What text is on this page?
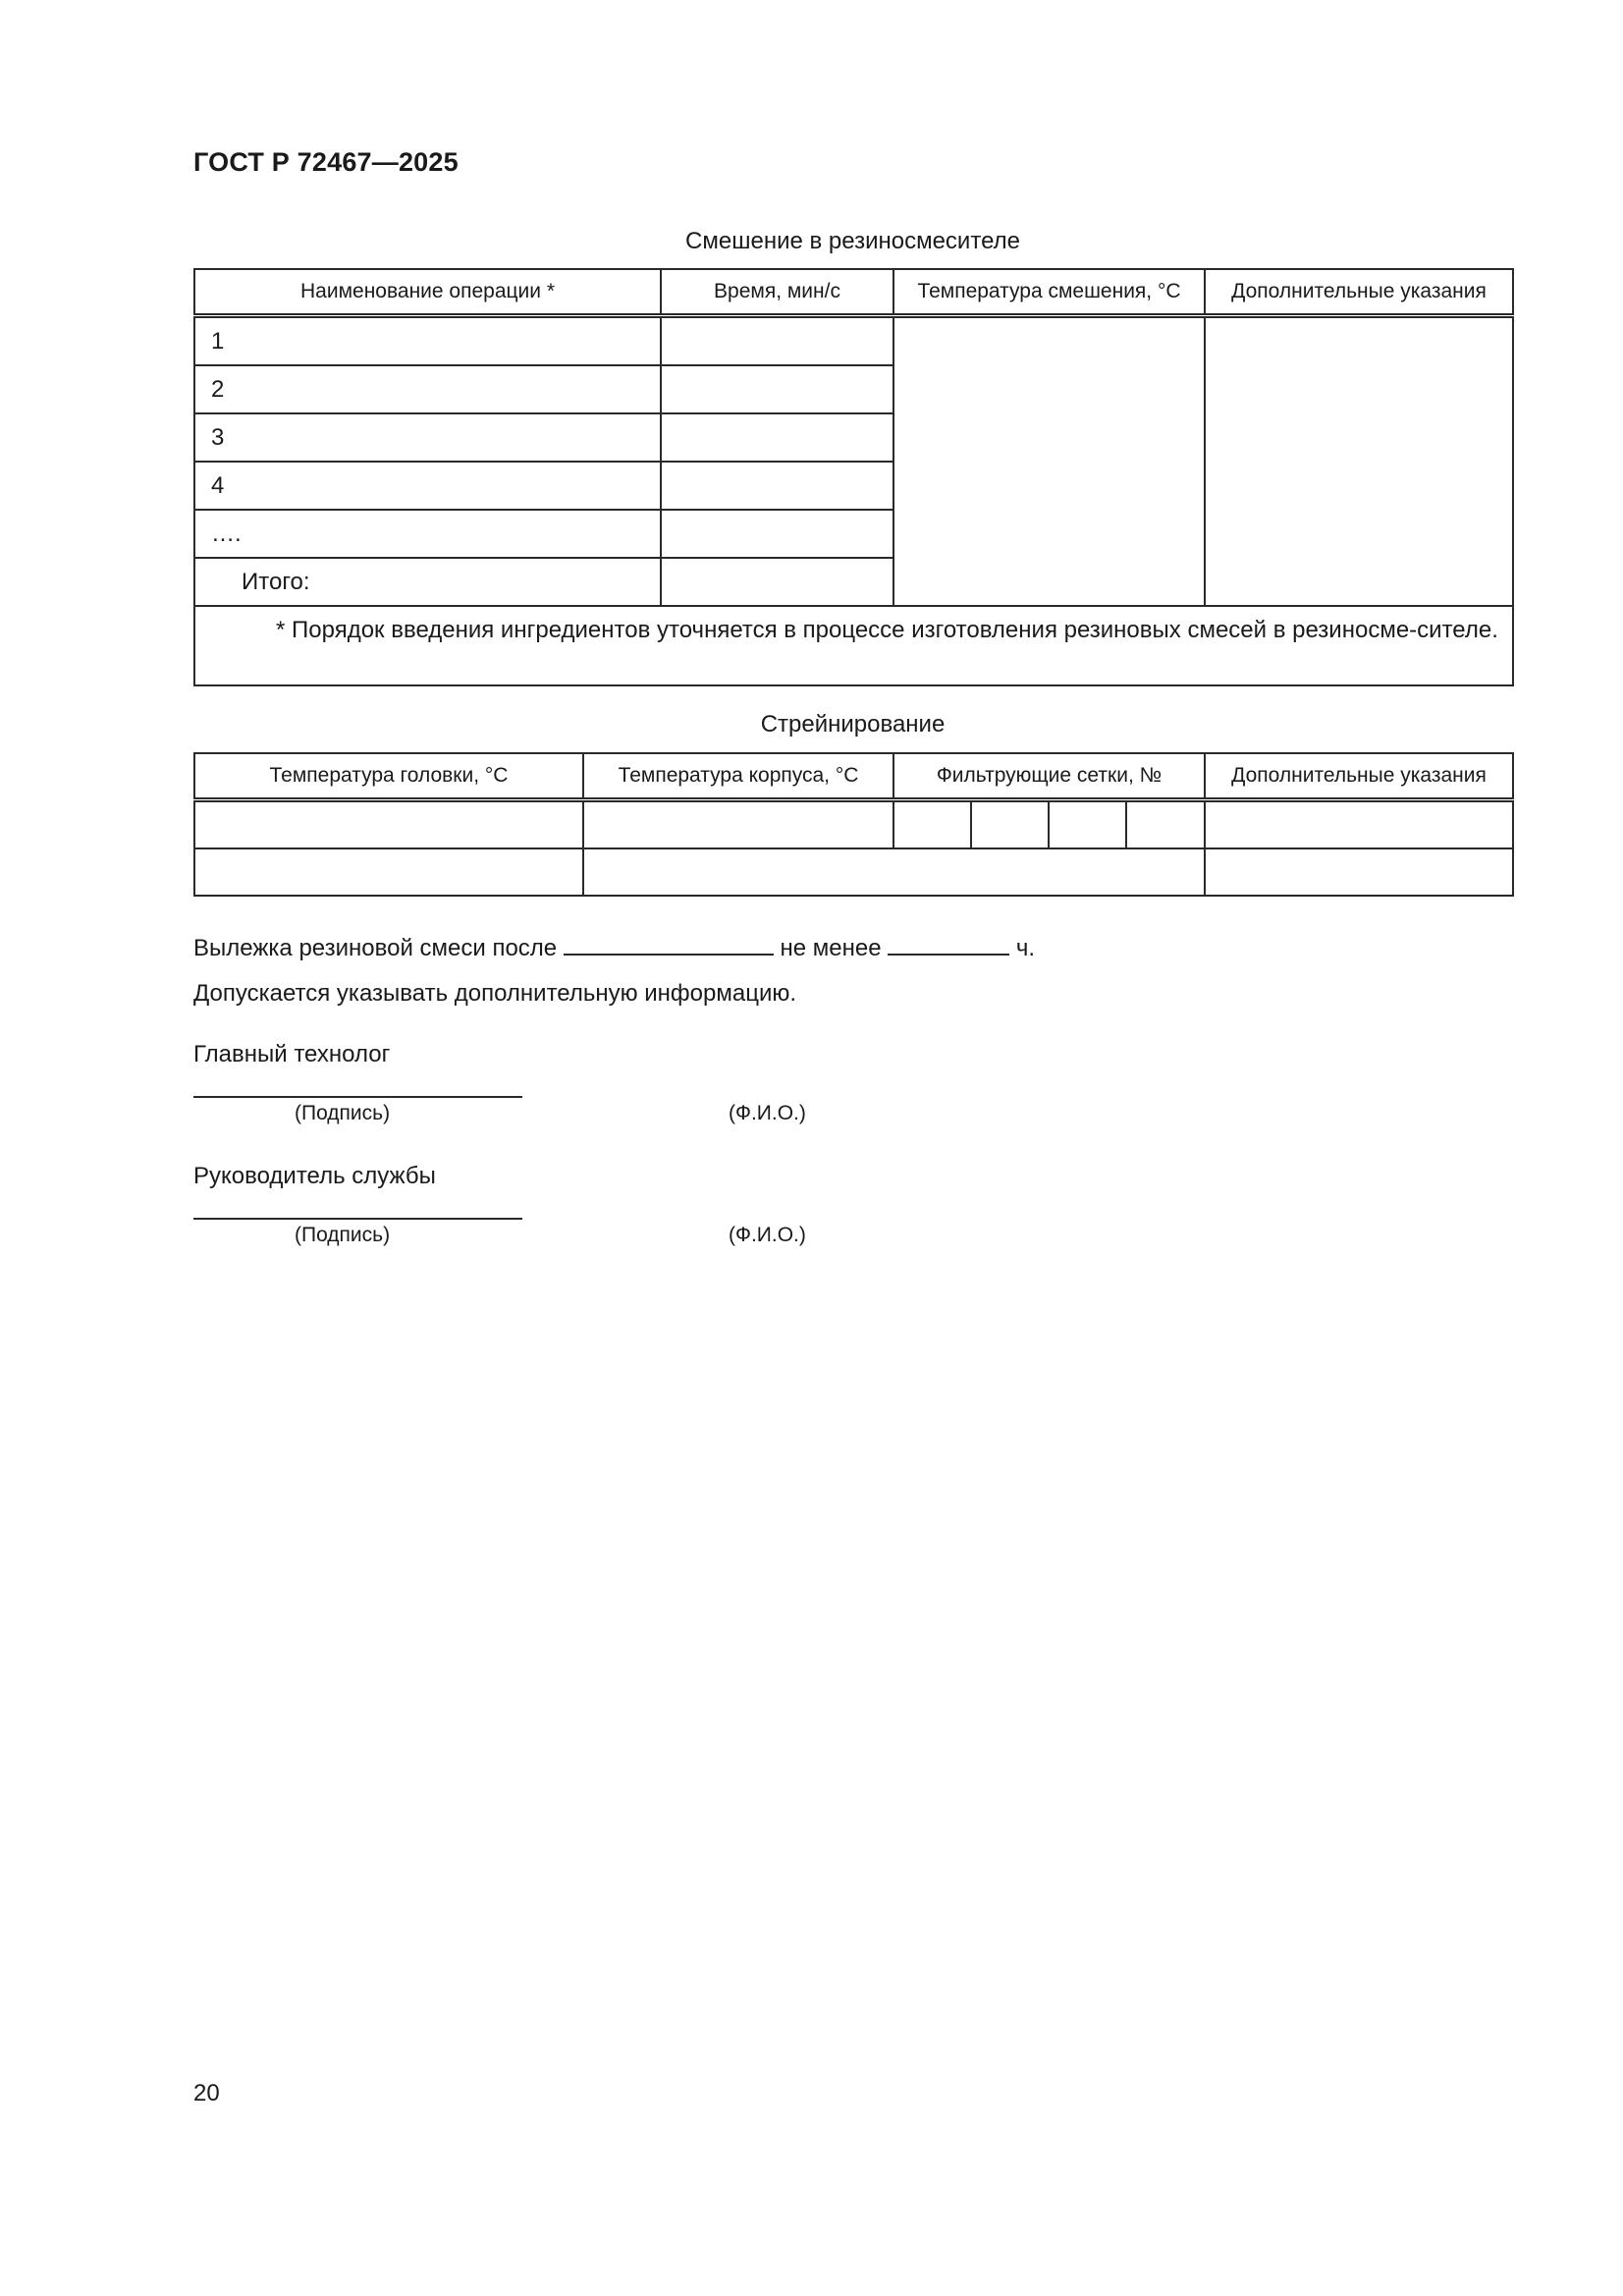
ГОСТ Р 72467—2025
Смешение в резиносмесителе
Наименование операции *	Время, мин/с	Температура смешения, °С	Дополнительные указания
1			
2			
3			
4			
….			
Итого:			
* Порядок введения ингредиентов уточняется в процессе изготовления резиновых смесей в резиносме-сителе.			
Стрейнирование
Температура головки, °С	Температура корпуса, °С	Фильтрующие сетки, №				Дополнительные указания

Вылежка резиновой смеси после	не менее	ч.
Допускается указывать дополнительную информацию.
Главный технолог
(Подпись)	(Ф.И.О.)
Руководитель службы
(Подпись)	(Ф.И.О.)
20
